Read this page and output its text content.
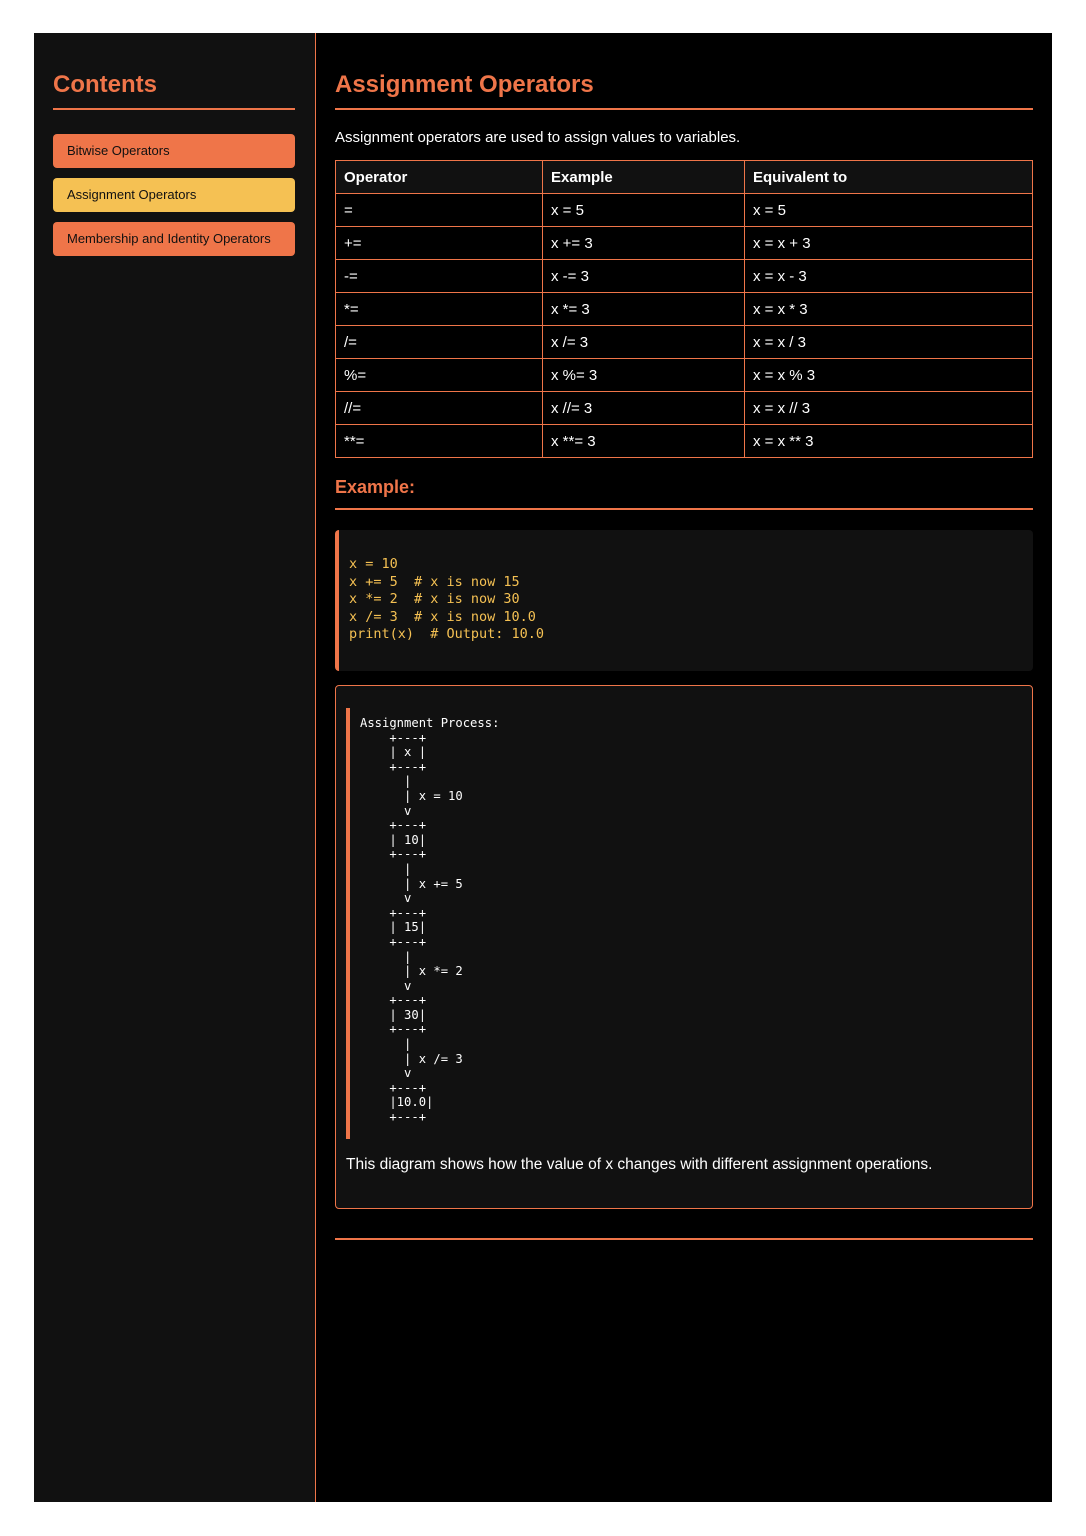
Contents
Bitwise Operators
Assignment Operators
Membership and Identity Operators
Assignment Operators

Assignment operators are used to assign values to variables.

Operator	Example	Equivalent to
=	x = 5	x = 5
+=	x += 3	x = x + 3
-=	x -= 3	x = x - 3
*=	x *= 3	x = x * 3
/=	x /= 3	x = x / 3
%=	x %= 3	x = x % 3
//=	x //= 3	x = x // 3
**=	x **= 3	x = x ** 3
Example:
x = 10
x += 5  # x is now 15
x *= 2  # x is now 30
x /= 3  # x is now 10.0
print(x)  # Output: 10.0
Assignment Process:
+---+
| x |
+---+
|
| x = 10
v
+---+
| 10|
+---+
|
| x += 5
v
+---+
| 15|
+---+
|
| x *= 2
v
+---+
| 30|
+---+
|
| x /= 3
v
+---+
|10.0|
+---+

This diagram shows how the value of x changes with different assignment operations.
